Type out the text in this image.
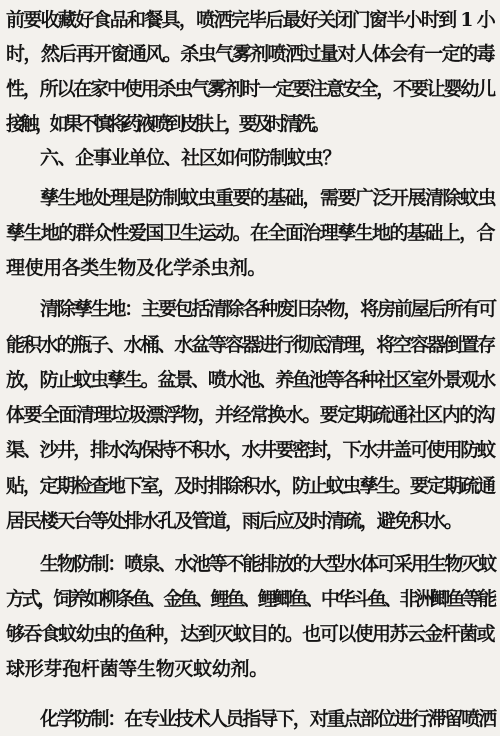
前要收藏好食品和餐具，喷洒完毕后最好关闭门窗半小时到 1 小
时，然后再开窗通风。杀虫气雾剂喷洒过量对人体会有一定的毒
性，所以在家中使用杀虫气雾剂时一定要注意安全，不要让婴幼儿
接触，如果不慎将药液喷到皮肤上，要及时清洗。
六、企事业单位、社区如何防制蚊虫？
孳生地处理是防制蚊虫重要的基础，需要广泛开展清除蚊虫
孳生地的群众性爱国卫生运动。在全面治理孳生地的基础上，合
理使用各类生物及化学杀虫剂。
清除孳生地：主要包括清除各种废旧杂物，将房前屋后所有可
能积水的瓶子、水桶、水盆等容器进行彻底清理，将空容器倒置存
放，防止蚊虫孳生。盆景、喷水池、养鱼池等各种社区室外景观水
体要全面清理垃圾漂浮物，并经常换水。要定期疏通社区内的沟
渠、沙井，排水沟保持不积水，水井要密封，下水井盖可使用防蚊
贴，定期检查地下室，及时排除积水，防止蚊虫孳生。要定期疏通
居民楼天台等处排水孔及管道，雨后应及时清疏，避免积水。
生物防制：喷泉、水池等不能排放的大型水体可采用生物灭蚊
方式，饲养如柳条鱼、金鱼、鲤鱼、鲤鲫鱼、中华斗鱼、非洲鲫鱼等能
够吞食蚊幼虫的鱼种，达到灭蚊目的。也可以使用苏云金杆菌或
球形芽孢杆菌等生物灭蚊幼剂。
化学防制：在专业技术人员指导下，对重点部位进行滞留喷洒
